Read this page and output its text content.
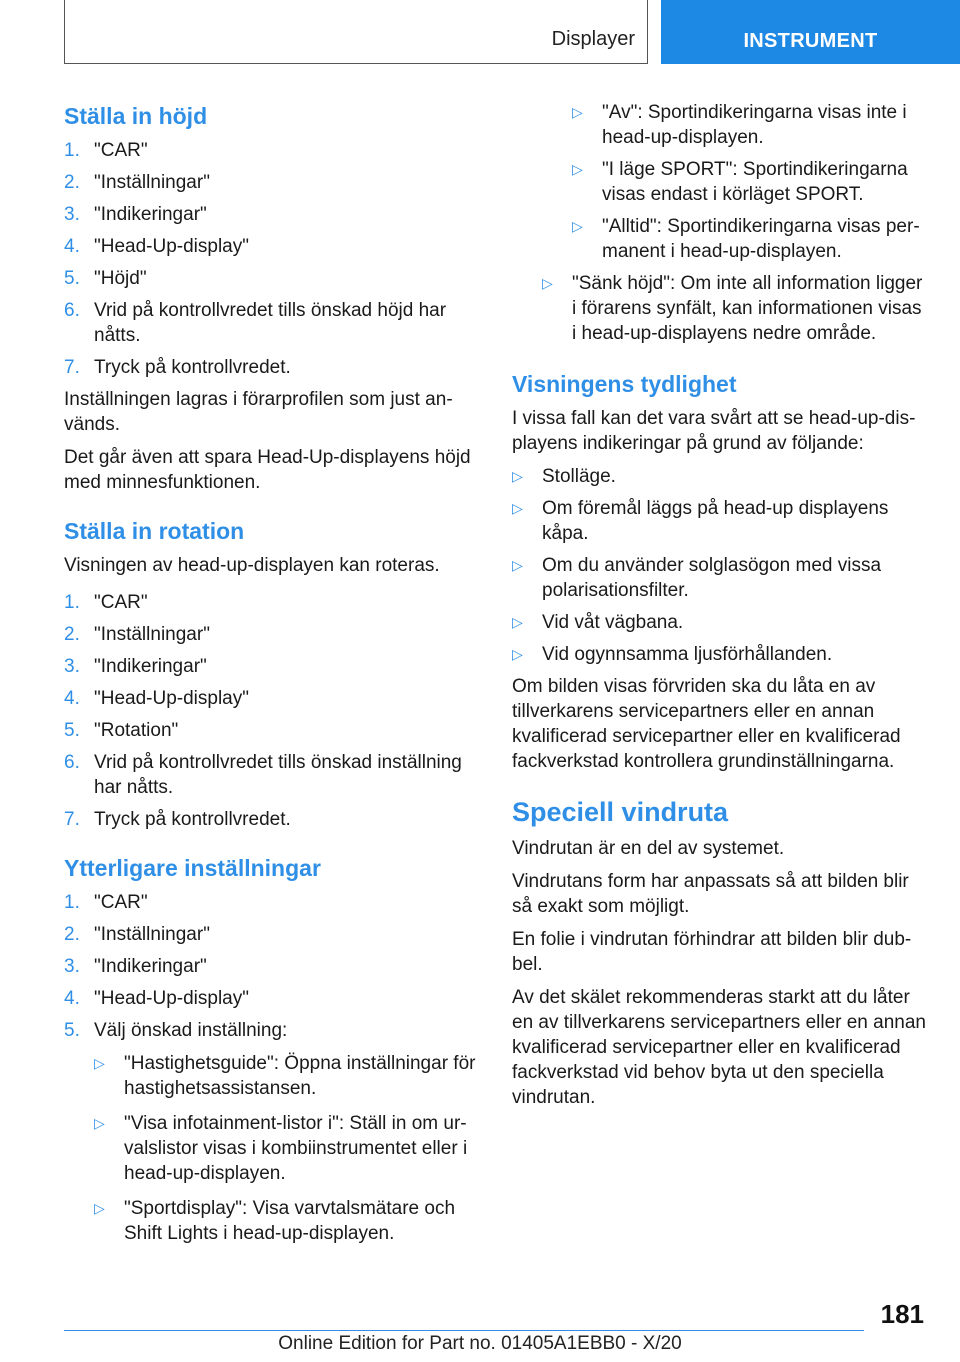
Displayer	INSTRUMENT
Ställa in höjd
1. "CAR"
2. "Inställningar"
3. "Indikeringar"
4. "Head-Up-display"
5. "Höjd"
6. Vrid på kontrollvredet tills önskad höjd har nåtts.
7. Tryck på kontrollvredet.

Inställningen lagras i förarprofilen som just används.

Det går även att spara Head-Up-displayens höjd med minnesfunktionen.

Ställa in rotation

Visningen av head-up-displayen kan roteras.

1. "CAR"
2. "Inställningar"
3. "Indikeringar"
4. "Head-Up-display"
5. "Rotation"
6. Vrid på kontrollvredet tills önskad inställning har nåtts.
7. Tryck på kontrollvredet.
Ytterligare inställningar
1. "CAR"
2. "Inställningar"
3. "Indikeringar"
4. "Head-Up-display"
5. Välj önskad inställning:
▷	"Hastighetsguide": Öppna inställningar för hastighetsassistansen.
▷	"Visa infotainment-listor i": Ställ in om urvalslistor visas i kombiinstrumentet eller i head-up-displayen.
▷	"Sportdisplay": Visa varvtalsmätare och Shift Lights i head-up-displayen.
▷	"Av": Sportindikeringarna visas inte i head-up-displayen.
▷	"I läge SPORT": Sportindikeringarna visas endast i körläget SPORT.
▷	"Alltid": Sportindikeringarna visas permanent i head-up-displayen.
▷	"Sänk höjd": Om inte all information ligger i förarens synfält, kan informationen visas i head-up-displayens nedre område.
Visningens tydlighet

I vissa fall kan det vara svårt att se head-up-displayens indikeringar på grund av följande:

▷	Stolläge.
▷	Om föremål läggs på head-up displayens kåpa.
▷	Om du använder solglasögon med vissa polarisationsfilter.
▷	Vid våt vägbana.
▷	Vid ogynnsamma ljusförhållanden.

Om bilden visas förvriden ska du låta en av tillverkarens servicepartners eller en annan kvalificerad servicepartner eller en kvalificerad fackverkstad kontrollera grundinställningarna.

Speciell vindruta

Vindrutan är en del av systemet.

Vindrutans form har anpassats så att bilden blir så exakt som möjligt.

En folie i vindrutan förhindrar att bilden blir dubbel.

Av det skälet rekommenderas starkt att du låter en av tillverkarens servicepartners eller en annan kvalificerad servicepartner eller en kvalificerad fackverkstad vid behov byta ut den speciella vindrutan.

181
Online Edition for Part no. 01405A1EBB0 - X/20
